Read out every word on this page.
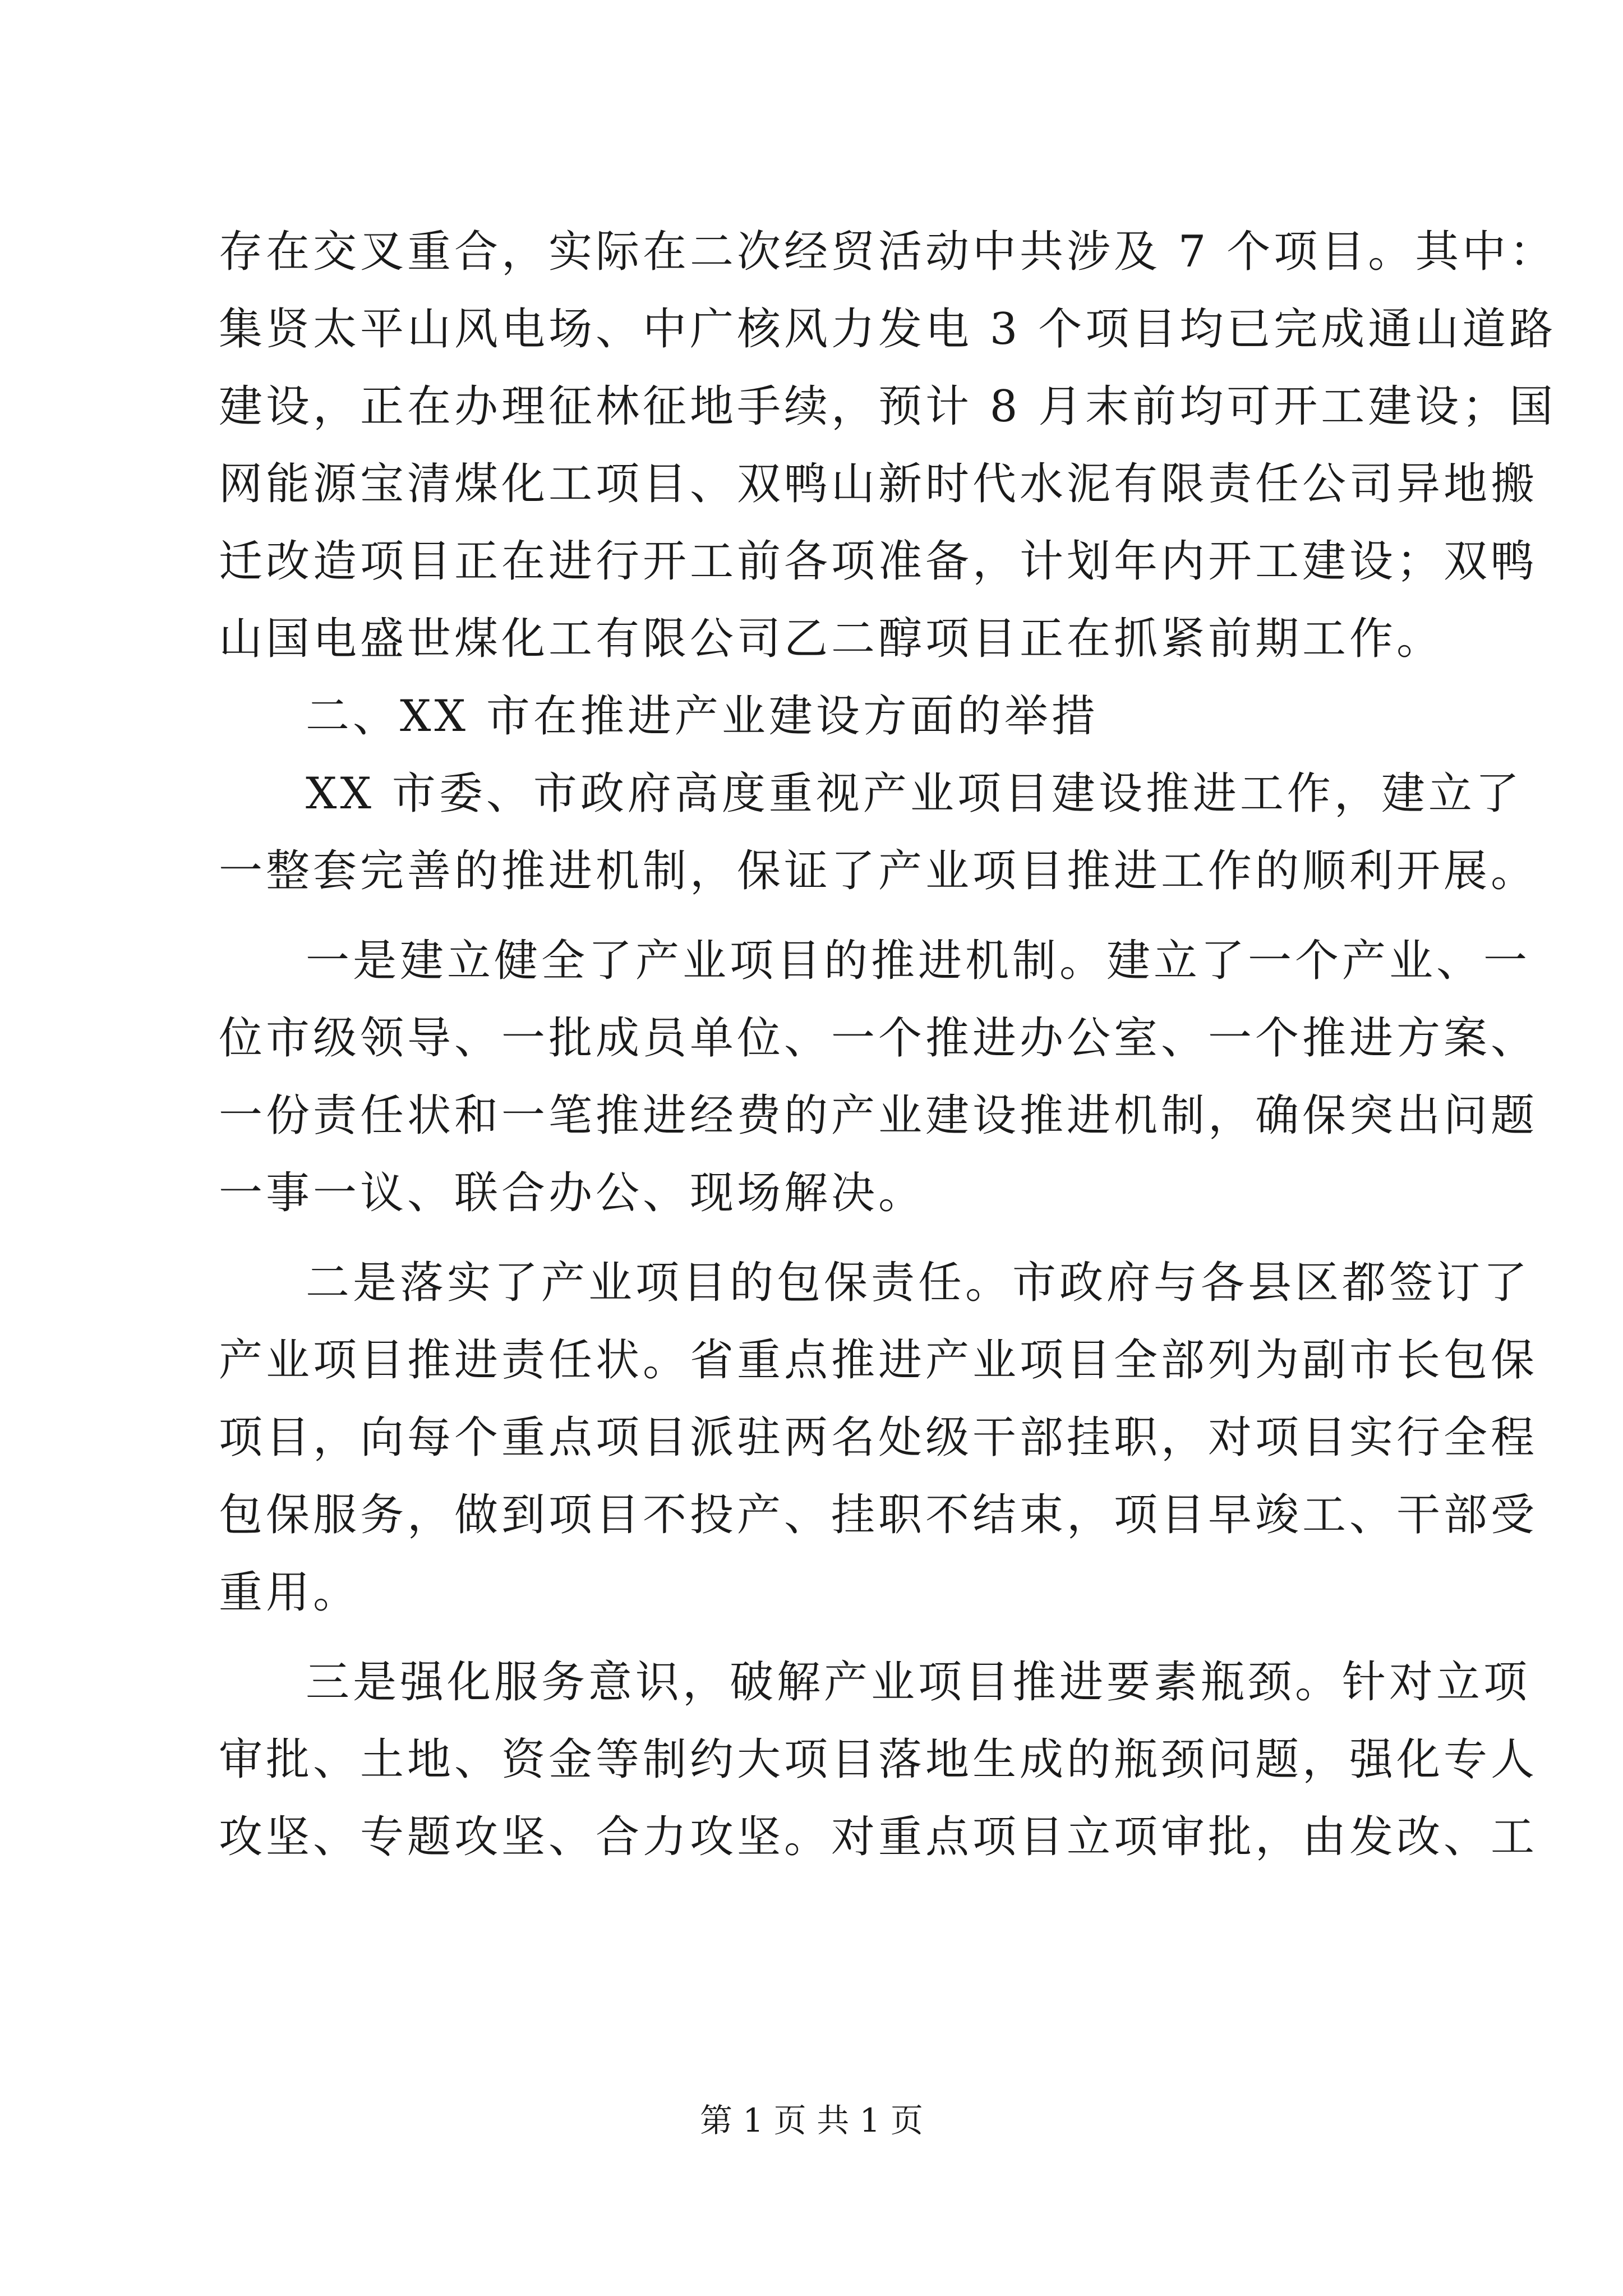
存在交叉重合，实际在二次经贸活动中共涉及 7 个项目。其中：
集贤太平山风电场、中广核风力发电 3 个项目均已完成通山道路
建设，正在办理征林征地手续，预计 8 月末前均可开工建设；国
网能源宝清煤化工项目、双鸭山新时代水泥有限责任公司异地搬
迁改造项目正在进行开工前各项准备，计划年内开工建设；双鸭
山国电盛世煤化工有限公司乙二醇项目正在抓紧前期工作。
二、XX 市在推进产业建设方面的举措
XX 市委、市政府高度重视产业项目建设推进工作，建立了
一整套完善的推进机制，保证了产业项目推进工作的顺利开展。
一是建立健全了产业项目的推进机制。建立了一个产业、一
位市级领导、一批成员单位、一个推进办公室、一个推进方案、
一份责任状和一笔推进经费的产业建设推进机制，确保突出问题
一事一议、联合办公、现场解决。
二是落实了产业项目的包保责任。市政府与各县区都签订了
产业项目推进责任状。省重点推进产业项目全部列为副市长包保
项目，向每个重点项目派驻两名处级干部挂职，对项目实行全程
包保服务，做到项目不投产、挂职不结束，项目早竣工、干部受
重用。
三是强化服务意识，破解产业项目推进要素瓶颈。针对立项
审批、土地、资金等制约大项目落地生成的瓶颈问题，强化专人
攻坚、专题攻坚、合力攻坚。对重点项目立项审批，由发改、工
第 1 页 共 1 页
